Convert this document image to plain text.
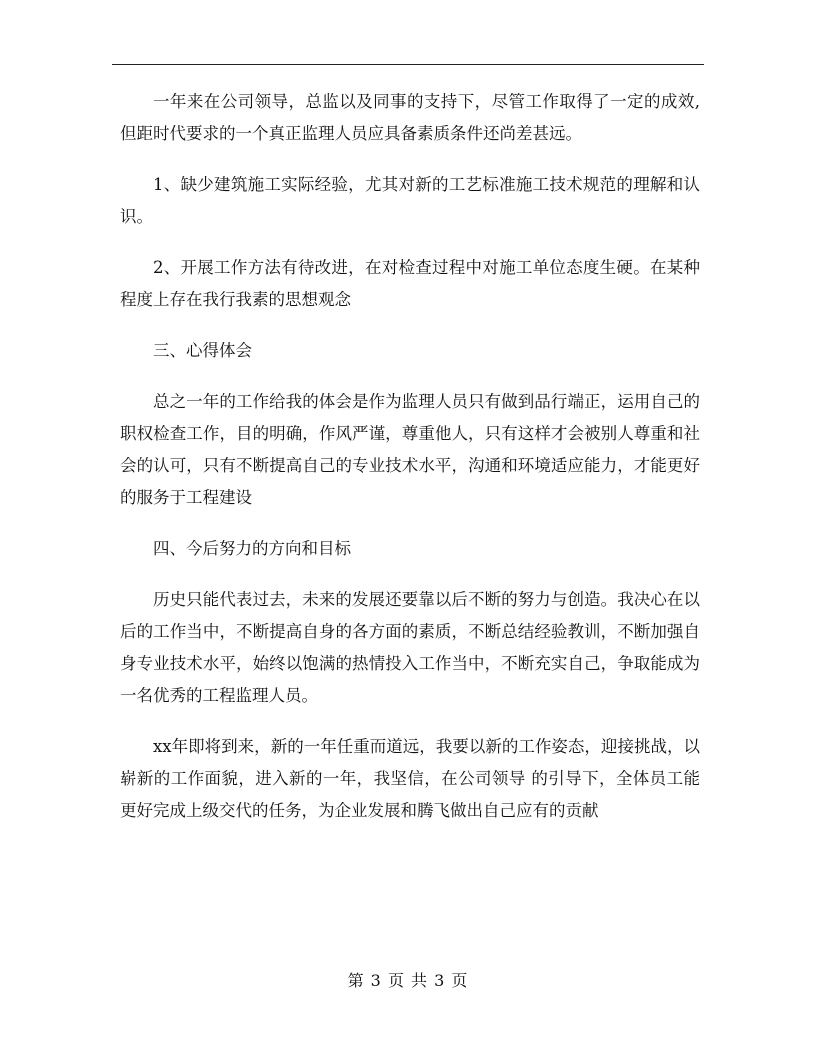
一年来在公司领导，总监以及同事的支持下，尽管工作取得了一定的成效,但距时代要求的一个真正监理人员应具备素质条件还尚差甚远。

1、缺少建筑施工实际经验，尤其对新的工艺标准施工技术规范的理解和认识。

2、开展工作方法有待改进，在对检查过程中对施工单位态度生硬。在某种程度上存在我行我素的思想观念

三、心得体会

总之一年的工作给我的体会是作为监理人员只有做到品行端正，运用自己的职权检查工作，目的明确，作风严谨，尊重他人，只有这样才会被别人尊重和社会的认可，只有不断提高自己的专业技术水平，沟通和环境适应能力，才能更好的服务于工程建设

四、今后努力的方向和目标

历史只能代表过去，未来的发展还要靠以后不断的努力与创造。我决心在以后的工作当中，不断提高自身的各方面的素质，不断总结经验教训，不断加强自身专业技术水平，始终以饱满的热情投入工作当中，不断充实自己，争取能成为一名优秀的工程监理人员。

xx年即将到来，新的一年任重而道远，我要以新的工作姿态，迎接挑战，以崭新的工作面貌，进入新的一年，我坚信，在公司领导 的引导下，全体员工能更好完成上级交代的任务，为企业发展和腾飞做出自己应有的贡献

第 3 页 共 3 页
